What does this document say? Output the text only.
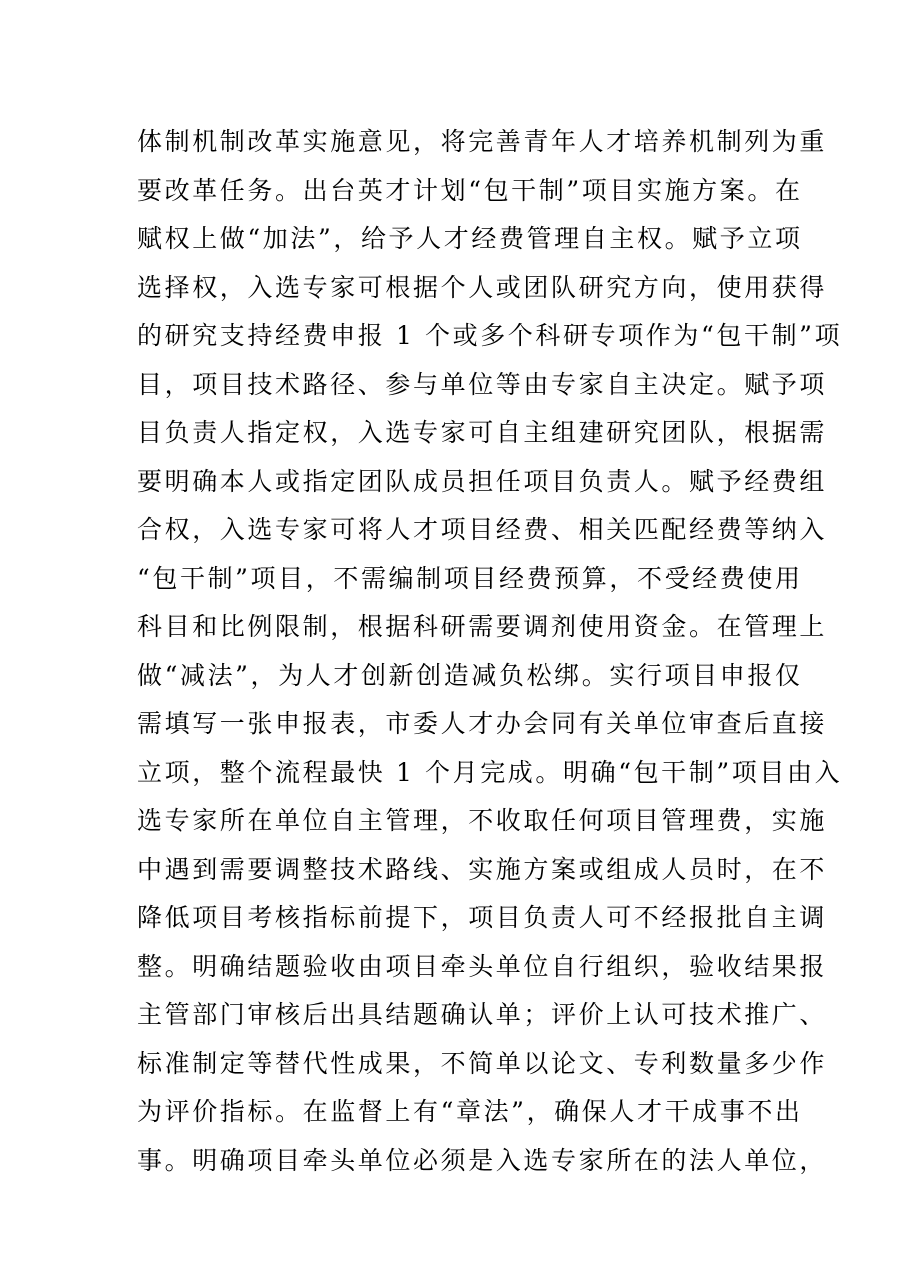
体制机制改革实施意见，将完善青年人才培养机制列为重
要改革任务。出台英才计划“包干制”项目实施方案。在
赋权上做“加法”，给予人才经费管理自主权。赋予立项
选择权，入选专家可根据个人或团队研究方向，使用获得
的研究支持经费申报 1 个或多个科研专项作为“包干制”项
目，项目技术路径、参与单位等由专家自主决定。赋予项
目负责人指定权，入选专家可自主组建研究团队，根据需
要明确本人或指定团队成员担任项目负责人。赋予经费组
合权，入选专家可将人才项目经费、相关匹配经费等纳入
“包干制”项目，不需编制项目经费预算，不受经费使用
科目和比例限制，根据科研需要调剂使用资金。在管理上
做“减法”，为人才创新创造减负松绑。实行项目申报仅
需填写一张申报表，市委人才办会同有关单位审查后直接
立项，整个流程最快 1 个月完成。明确“包干制”项目由入
选专家所在单位自主管理，不收取任何项目管理费，实施
中遇到需要调整技术路线、实施方案或组成人员时，在不
降低项目考核指标前提下，项目负责人可不经报批自主调
整。明确结题验收由项目牵头单位自行组织，验收结果报
主管部门审核后出具结题确认单；评价上认可技术推广、
标准制定等替代性成果，不简单以论文、专利数量多少作
为评价指标。在监督上有“章法”，确保人才干成事不出
事。明确项目牵头单位必须是入选专家所在的法人单位，
